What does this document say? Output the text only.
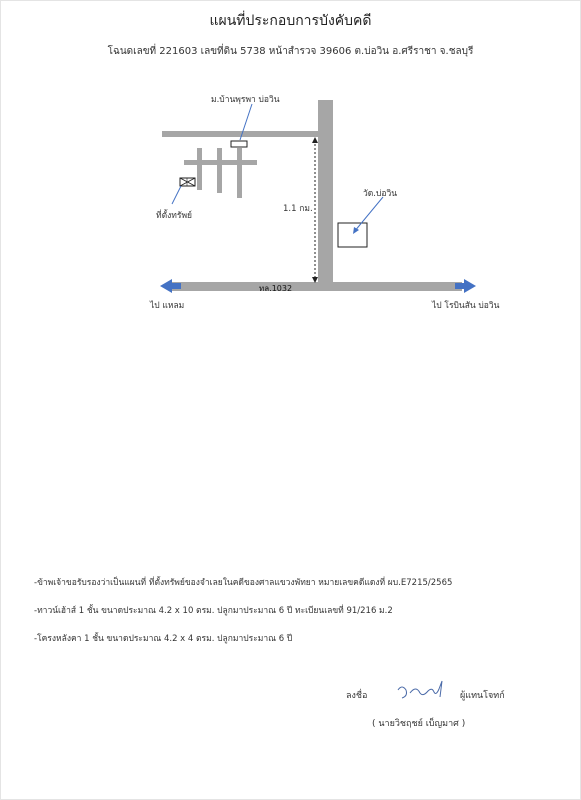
แผนที่ประกอบการบังคับคดี
โฉนดเลขที่ 221603 เลขที่ดิน 5738 หน้าสำรวจ 39606 ต.บ่อวิน อ.ศรีราชา จ.ชลบุรี
ม.บ้านพุรพา บ่อวิน
ที่ตั้งทรัพย์
1.1 กม.
วัด.บ่อวิน
ทล.1032
ไป แหลม	ไป โรบินสัน บ่อวิน
-ข้าพเจ้าขอรับรองว่าเป็นแผนที่ ที่ตั้งทรัพย์ของจำเลยในคดีของศาลแขวงพัทยา หมายเลขคดีแดงที่ ผบ.E7215/2565
-ทาวน์เฮ้าส์ 1 ชั้น ขนาดประมาณ 4.2 x 10 ตรม. ปลูกมาประมาณ 6 ปี ทะเบียนเลขที่ 91/216 ม.2
-โครงหลังคา 1 ชั้น ขนาดประมาณ 4.2 x 4 ตรม. ปลูกมาประมาณ 6 ปี
ลงชื่อ	ผู้แทนโจทก์
( นายวิชฤชย์ เบ็ญมาศ )
